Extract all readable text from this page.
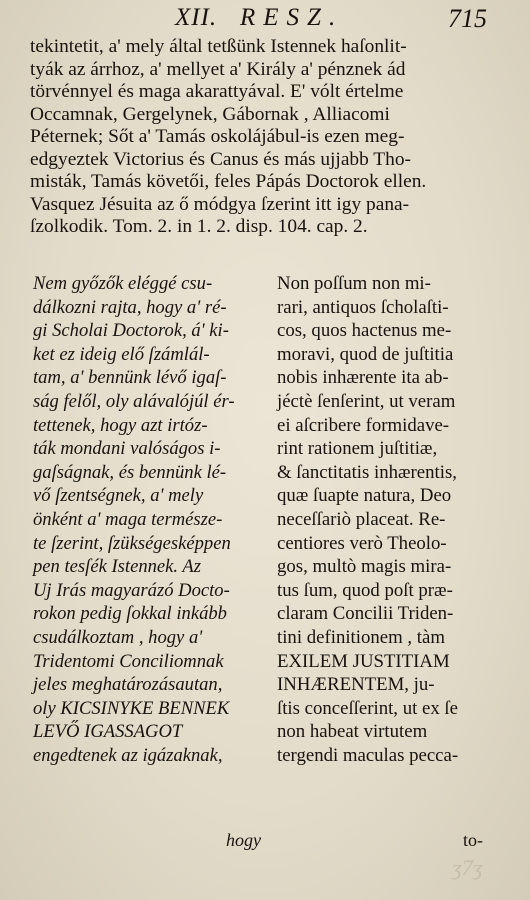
XII. RESZ.	715
tekintetit, a' mely által tetßünk Istennek haſonlit-
tyák az árrhoz, a' mellyet a' Király a' pénznek ád
törvénnyel és maga akarattyával. E' vólt értelme
Occamnak, Gergelynek, Gábornak , Alliacomi
Péternek; Sőt a' Tamás oskolájábul-is ezen meg-
edgyeztek Victorius és Canus és más ujjabb Tho-
misták, Tamás követői, feles Pápás Doctorok ellen.
Vasquez Jésuita az ő módgya ſzerint itt igy pana-
ſzolkodik. Tom. 2. in 1. 2. disp. 104. cap. 2.
Nem győzők eléggé csu-
dálkozni rajta, hogy a' ré-
gi Scholai Doctorok, á' ki-
ket ez ideig elő ſzámlál-
tam, a' bennünk lévő igaſ-
ság felől, oly alávalójúl ér-
tettenek, hogy azt irtóz-
ták mondani valóságos i-
gaſságnak, és bennünk lé-
vő ſzentségnek, a' mely
önként a' maga természe-
te ſzerint, ſzükségesképpen
pen tesſék Istennek. Az
Uj Irás magyarázó Docto-
rokon pedig ſokkal inkább
csudálkoztam , hogy a'
Tridentomi Conciliomnak
jeles meghatározásautan,
oly KICSINYKE BENNEK
LEVŐ IGASSAGOT
engedtenek az igázaknak,
Non poſſum non mi-
rari, antiquos ſcholaſti-
cos, quos hactenus me-
moravi, quod de juſtitia
nobis inhærente ita ab-
jéctè ſenſerint, ut veram
ei aſcribere formidave-
rint rationem juſtitiæ,
& ſanctitatis inhærentis,
quæ ſuapte natura, Deo
neceſſariò placeat. Re-
centiores verò Theolo-
gos, multò magis mira-
tus ſum, quod poſt præ-
claram Concilii Triden-
tini definitionem , tàm
EXILEM JUSTITIAM
INHÆRENTEM, ju-
ſtis conceſſerint, ut ex ſe
non habeat virtutem
tergendi maculas pecca-
hogy	to-
ʒ7ʒ
